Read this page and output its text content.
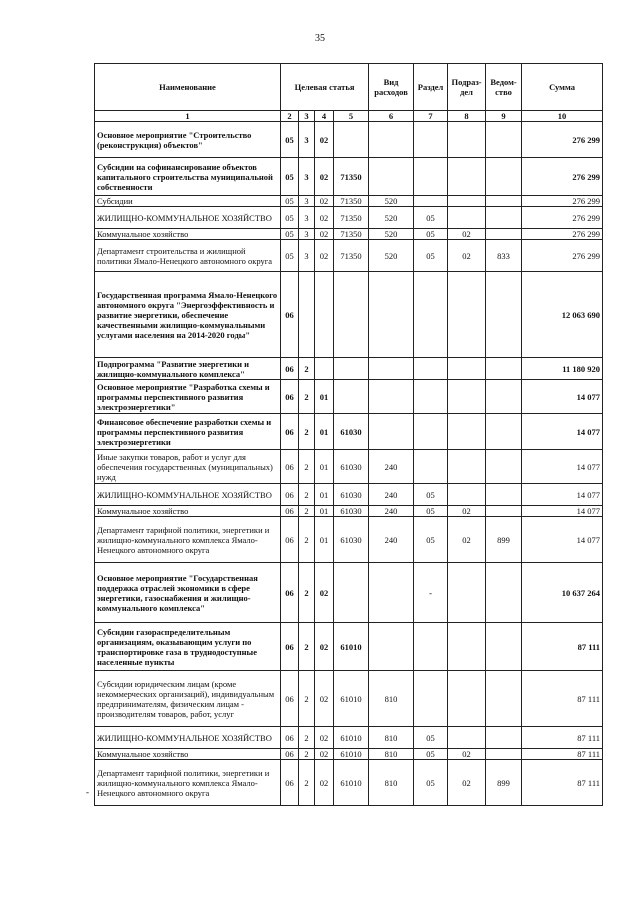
35
Наименование	Целевая статья				Вид расходов	Раздел	Подраз-дел	Ведом-ство	Сумма
1	2	3	4	5	6	7	8	9	10
Основное мероприятие "Строительство (реконструкция) объектов"	05	3	02						276 299
Субсидии на софинансирование объектов капитального строительства муниципальной собственности	05	3	02	71350					276 299
Субсидии	05	3	02	71350	520				276 299
ЖИЛИЩНО-КОММУНАЛЬНОЕ ХОЗЯЙСТВО	05	3	02	71350	520	05			276 299
Коммунальное хозяйство	05	3	02	71350	520	05	02		276 299
Департамент строительства и жилищной политики Ямало-Ненецкого автономного округа	05	3	02	71350	520	05	02	833	276 299
Государственная программа Ямало-Ненецкого автономного округа "Энергоэффективность и развитие энергетики, обеспечение качественными жилищно-коммунальными услугами населения на 2014-2020 годы"	06								12 063 690
Подпрограмма "Развитие энергетики и жилищно-коммунального комплекса"	06	2							11 180 920
Основное мероприятие "Разработка схемы и программы перспективного развития электроэнергетики"	06	2	01						14 077
Финансовое обеспечение разработки схемы и программы перспективного развития электроэнергетики	06	2	01	61030					14 077
Иные закупки товаров, работ и услуг для обеспечения государственных (муниципальных) нужд	06	2	01	61030	240				14 077
ЖИЛИЩНО-КОММУНАЛЬНОЕ ХОЗЯЙСТВО	06	2	01	61030	240	05			14 077
Коммунальное хозяйство	06	2	01	61030	240	05	02		14 077
Департамент тарифной политики, энергетики и жилищно-коммунального комплекса Ямало-Ненецкого автономного округа	06	2	01	61030	240	05	02	899	14 077
Основное мероприятие "Государственная поддержка отраслей экономики в сфере энергетики, газоснабжения и жилищно-коммунального комплекса"	06	2	02			-			10 637 264
Субсидии газораспределительным организациям, оказывающим услуги по транспортировке газа в труднодоступные населенные пункты	06	2	02	61010					87 111
Субсидии юридическим лицам (кроме некоммерческих организаций), индивидуальным предпринимателям, физическим лицам - производителям товаров, работ, услуг	06	2	02	61010	810				87 111
ЖИЛИЩНО-КОММУНАЛЬНОЕ ХОЗЯЙСТВО	06	2	02	61010	810	05			87 111
Коммунальное хозяйство	06	2	02	61010	810	05	02		87 111
Департамент тарифной политики, энергетики и жилищно-коммунального комплекса Ямало-Ненецкого автономного округа	06	2	02	61010	810	05	02	899	87 111
-
